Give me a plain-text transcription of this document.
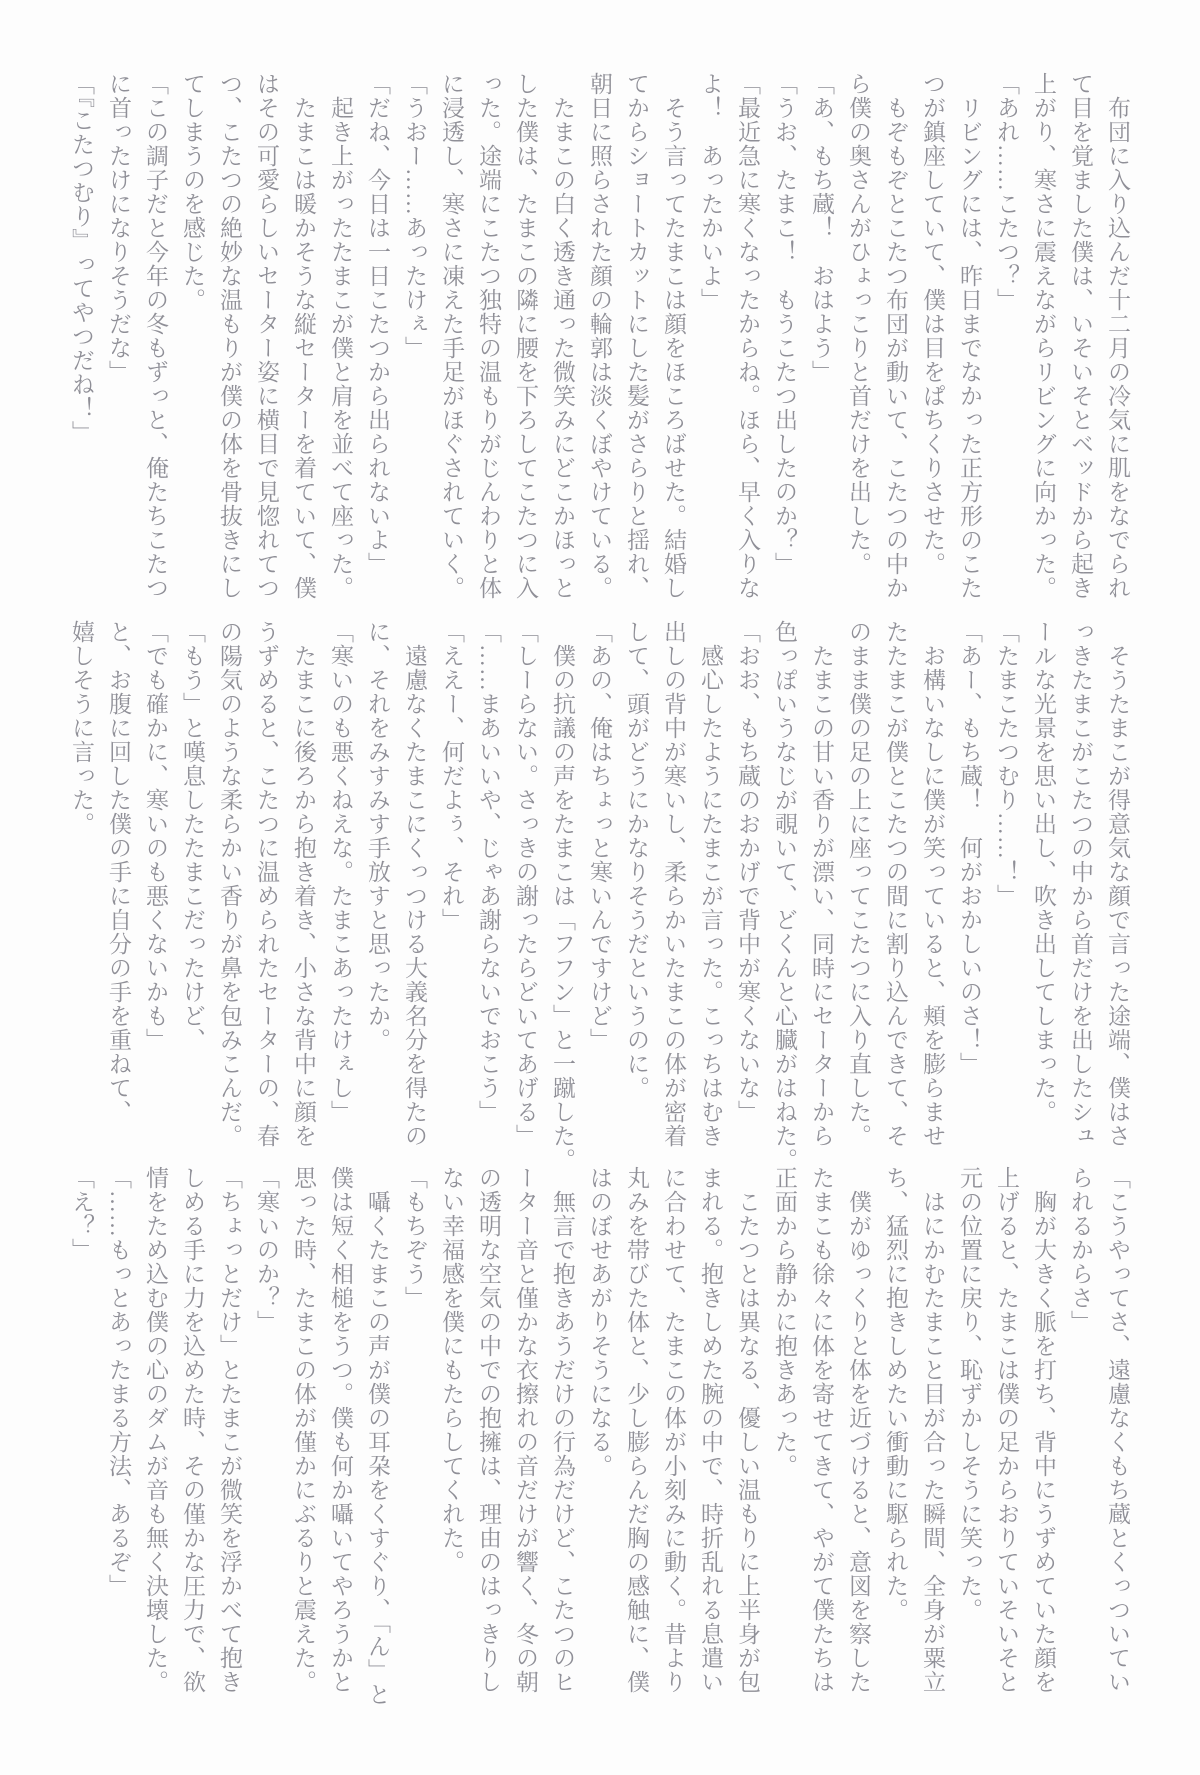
　布団に入り込んだ十二月の冷気に肌をなでられ

て目を覚ました僕は、いそいそとベッドから起き

上がり、寒さに震えながらリビングに向かった。

「あれ……こたつ？」

　リビングには、昨日までなかった正方形のこた

つが鎮座していて、僕は目をぱちくりさせた。

　もぞもぞとこたつ布団が動いて、こたつの中か

ら僕の奥さんがひょっこりと首だけを出した。

「あ、もち蔵！　おはよう」

「うお、たまこ！　もうこたつ出したのか？」

「最近急に寒くなったからね。ほら、早く入りな

よ！　あったかいよ」

　そう言ってたまこは顔をほころばせた。結婚し

てからショートカットにした髪がさらりと揺れ、

朝日に照らされた顔の輪郭は淡くぼやけている。

　たまこの白く透き通った微笑みにどこかほっと

した僕は、たまこの隣に腰を下ろしてこたつに入

った。途端にこたつ独特の温もりがじんわりと体

に浸透し、寒さに凍えた手足がほぐされていく。

「うおー……あったけぇ」

「だね、今日は一日こたつから出られないよ」

　起き上がったたまこが僕と肩を並べて座った。

　たまこは暖かそうな縦セーターを着ていて、僕

はその可愛らしいセーター姿に横目で見惚れてつ

つ、こたつの絶妙な温もりが僕の体を骨抜きにし

てしまうのを感じた。

「この調子だと今年の冬もずっと、俺たちこたつ

に首ったけになりそうだな」

「『こたつむり』ってやつだね！」

　そうたまこが得意気な顔で言った途端、僕はさ

っきたまこがこたつの中から首だけを出したシュ

ールな光景を思い出し、吹き出してしまった。

「たまこたつむり……！」

「あー、もち蔵！　何がおかしいのさ！」

　お構いなしに僕が笑っていると、頬を膨らませ

たたまこが僕とこたつの間に割り込んできて、そ

のまま僕の足の上に座ってこたつに入り直した。

　たまこの甘い香りが漂い、同時にセーターから

色っぽいうなじが覗いて、どくんと心臓がはねた。

「おお、もち蔵のおかげで背中が寒くないな」

　感心したようにたまこが言った。こっちはむき

出しの背中が寒いし、柔らかいたまこの体が密着

して、頭がどうにかなりそうだというのに。

「あの、俺はちょっと寒いんですけど」

　僕の抗議の声をたまこは「フフン」と一蹴した。

「しーらない。さっきの謝ったらどいてあげる」

「……まあいいや、じゃあ謝らないでおこう」

「ええー、何だよぅ、それ」

　遠慮なくたまこにくっつける大義名分を得たの

に、それをみすみす手放すと思ったか。

「寒いのも悪くねえな。たまこあったけぇし」

　たまこに後ろから抱き着き、小さな背中に顔を

うずめると、こたつに温められたセーターの、春

の陽気のような柔らかい香りが鼻を包みこんだ。

「もう」と嘆息したたまこだったけど、

「でも確かに、寒いのも悪くないかも」

と、お腹に回した僕の手に自分の手を重ねて、

嬉しそうに言った。

「こうやってさ、遠慮なくもち蔵とくっついてい

られるからさ」

　胸が大きく脈を打ち、背中にうずめていた顔を

上げると、たまこは僕の足からおりていそいそと

元の位置に戻り、恥ずかしそうに笑った。

　はにかむたまこと目が合った瞬間、全身が粟立

ち、猛烈に抱きしめたい衝動に駆られた。

　僕がゆっくりと体を近づけると、意図を察した

たまこも徐々に体を寄せてきて、やがて僕たちは

正面から静かに抱きあった。

　こたつとは異なる、優しい温もりに上半身が包

まれる。抱きしめた腕の中で、時折乱れる息遣い

に合わせて、たまこの体が小刻みに動く。昔より

丸みを帯びた体と、少し膨らんだ胸の感触に、僕

はのぼせあがりそうになる。

　無言で抱きあうだけの行為だけど、こたつのヒ

ーター音と僅かな衣擦れの音だけが響く、冬の朝

の透明な空気の中での抱擁は、理由のはっきりし

ない幸福感を僕にもたらしてくれた。

「もちぞう」

　囁くたまこの声が僕の耳朶をくすぐり、「ん」と

僕は短く相槌をうつ。僕も何か囁いてやろうかと

思った時、たまこの体が僅かにぶるりと震えた。

「寒いのか？」

「ちょっとだけ」とたまこが微笑を浮かべて抱き

しめる手に力を込めた時、その僅かな圧力で、欲

情をため込む僕の心のダムが音も無く決壊した。

「……もっとあったまる方法、あるぞ」

「え？」
